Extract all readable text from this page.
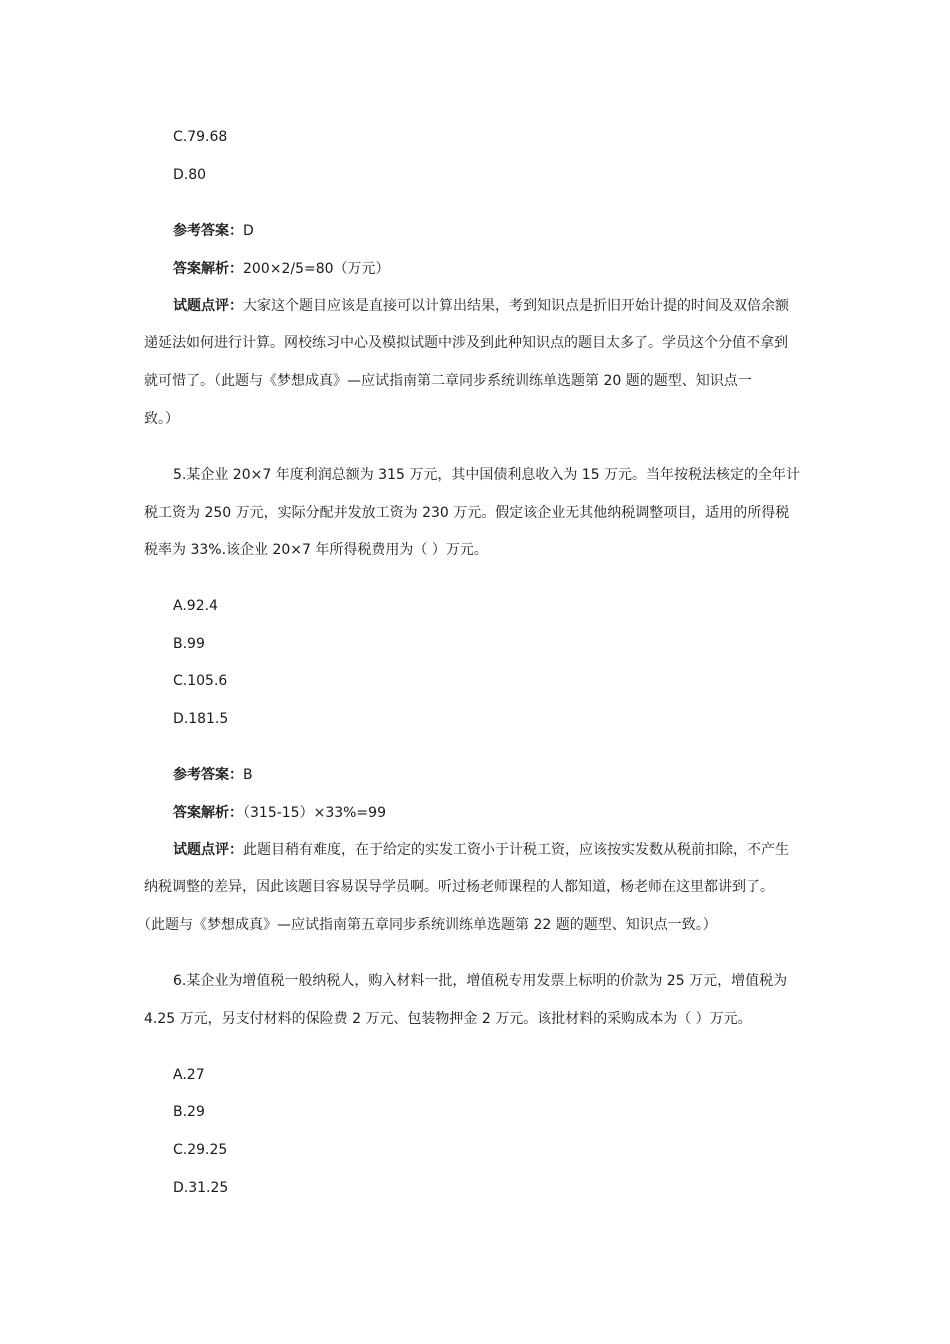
C.79.68
D.80
参考答案：D
答案解析：200×2/5=80（万元）
试题点评：大家这个题目应该是直接可以计算出结果，考到知识点是折旧开始计提的时间及双倍余额
递延法如何进行计算。网校练习中心及模拟试题中涉及到此种知识点的题目太多了。学员这个分值不拿到
就可惜了。（此题与《梦想成真》—应试指南第二章同步系统训练单选题第 20 题的题型、知识点一
致。）
5.某企业 20×7 年度利润总额为 315 万元，其中国债利息收入为 15 万元。当年按税法核定的全年计
税工资为 250 万元，实际分配并发放工资为 230 万元。假定该企业无其他纳税调整项目，适用的所得税
税率为 33%.该企业 20×7 年所得税费用为（ ）万元。
A.92.4
B.99
C.105.6
D.181.5
参考答案：B
答案解析：（315-15）×33%=99
试题点评：此题目稍有难度，在于给定的实发工资小于计税工资，应该按实发数从税前扣除，不产生
纳税调整的差异，因此该题目容易误导学员啊。听过杨老师课程的人都知道，杨老师在这里都讲到了。
（此题与《梦想成真》—应试指南第五章同步系统训练单选题第 22 题的题型、知识点一致。）
6.某企业为增值税一般纳税人，购入材料一批，增值税专用发票上标明的价款为 25 万元，增值税为
4.25 万元，另支付材料的保险费 2 万元、包装物押金 2 万元。该批材料的采购成本为（ ）万元。
A.27
B.29
C.29.25
D.31.25
